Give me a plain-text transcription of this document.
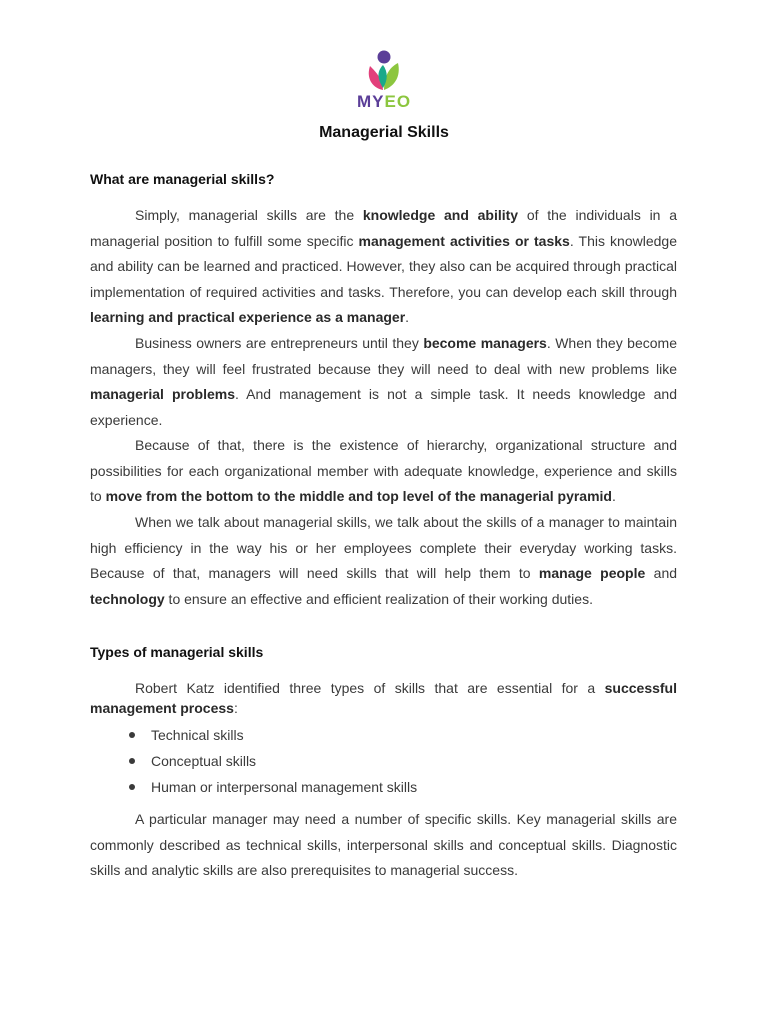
MYEO
Managerial Skills
What are managerial skills?
Simply, managerial skills are the knowledge and ability of the individuals in a managerial position to fulfill some specific management activities or tasks. This knowledge and ability can be learned and practiced. However, they also can be acquired through practical implementation of required activities and tasks. Therefore, you can develop each skill through learning and practical experience as a manager.
Business owners are entrepreneurs until they become managers. When they become managers, they will feel frustrated because they will need to deal with new problems like managerial problems. And management is not a simple task. It needs knowledge and experience.
Because of that, there is the existence of hierarchy, organizational structure and possibilities for each organizational member with adequate knowledge, experience and skills to move from the bottom to the middle and top level of the managerial pyramid.
When we talk about managerial skills, we talk about the skills of a manager to maintain high efficiency in the way his or her employees complete their everyday working tasks. Because of that, managers will need skills that will help them to manage people and technology to ensure an effective and efficient realization of their working duties.
Types of managerial skills
Robert Katz identified three types of skills that are essential for a successful management process:
Technical skills
Conceptual skills
Human or interpersonal management skills
A particular manager may need a number of specific skills. Key managerial skills are commonly described as technical skills, interpersonal skills and conceptual skills. Diagnostic skills and analytic skills are also prerequisites to managerial success.
